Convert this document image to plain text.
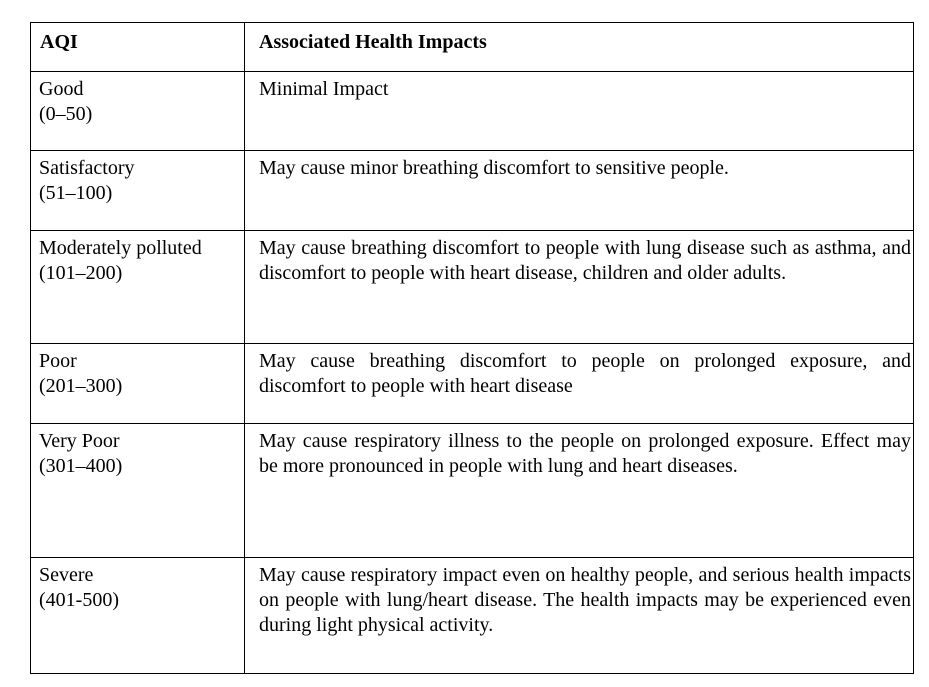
AQI	Associated Health Impacts

Good
(0–50)	Minimal Impact

Satisfactory
(51–100)	May cause minor breathing discomfort to sensitive people.

Moderately polluted
(101–200)	May cause breathing discomfort to people with lung disease such as asthma, and discomfort to people with heart disease, children and older adults.

Poor
(201–300)	May cause breathing discomfort to people on prolonged exposure, and discomfort to people with heart disease

Very Poor
(301–400)	May cause respiratory illness to the people on prolonged exposure. Effect may be more pronounced in people with lung and heart diseases.

Severe
(401-500)	May cause respiratory impact even on healthy people, and serious health impacts on people with lung/heart disease. The health impacts may be experienced even during light physical activity.
